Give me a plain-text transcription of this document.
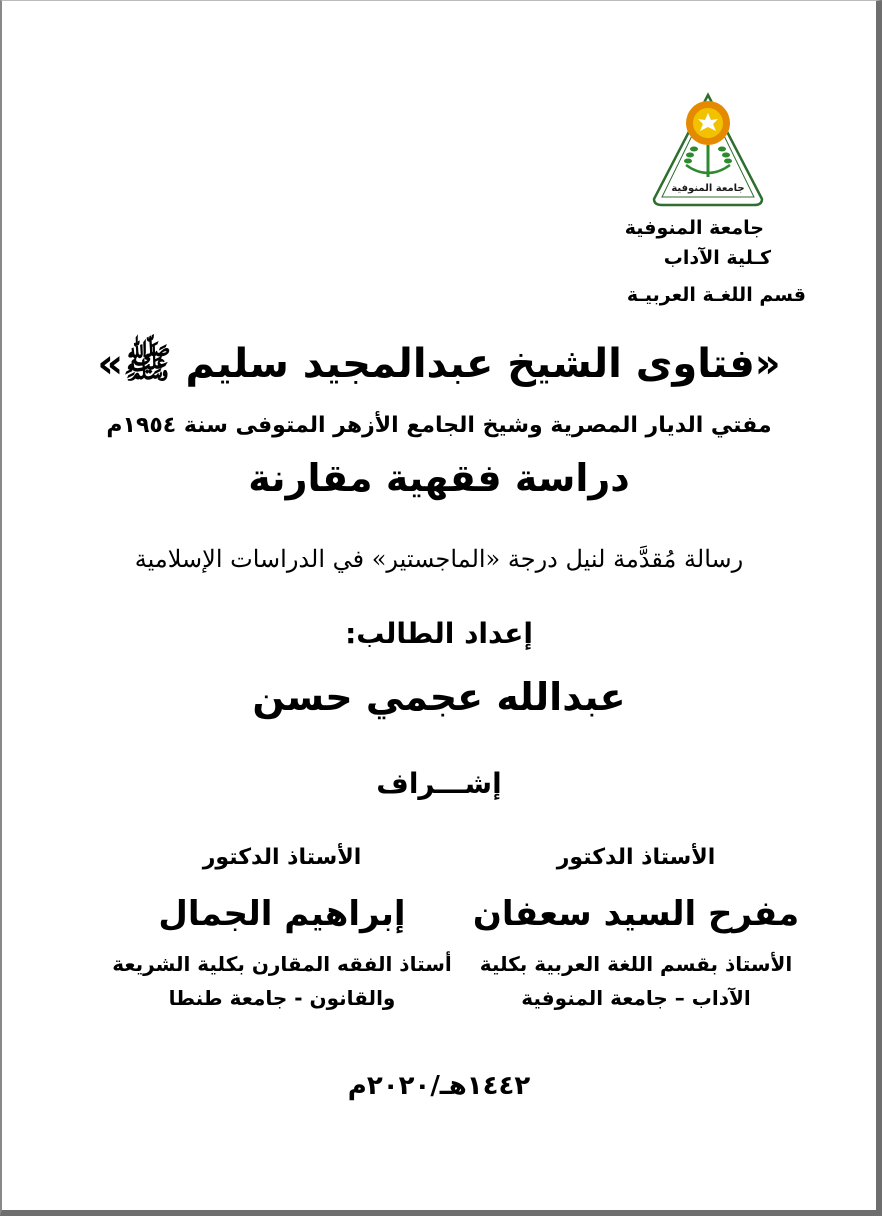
جامعة المنوفية
جامعة المنوفية
كـلية الآداب
قسم اللغـة العربيـة
«فتاوى الشيخ عبدالمجيد سليم ﷺ»
مفتي الديار المصرية وشيخ الجامع الأزهر المتوفى سنة ١٩٥٤م
دراسة فقهية مقارنة
رسالة مُقدَّمة لنيل درجة «الماجستير» في الدراسات الإسلامية
إعداد الطالب:
عبدالله عجمي حسن
إشـــراف
الأستاذ الدكتور
مفرح السيد سعفان
الأستاذ بقسم اللغة العربية بكلية
الآداب – جامعة المنوفية
الأستاذ الدكتور
إبراهيم الجمال
أستاذ الفقه المقارن بكلية الشريعة
والقانون - جامعة طنطا
١٤٤٢هـ/٢٠٢٠م
